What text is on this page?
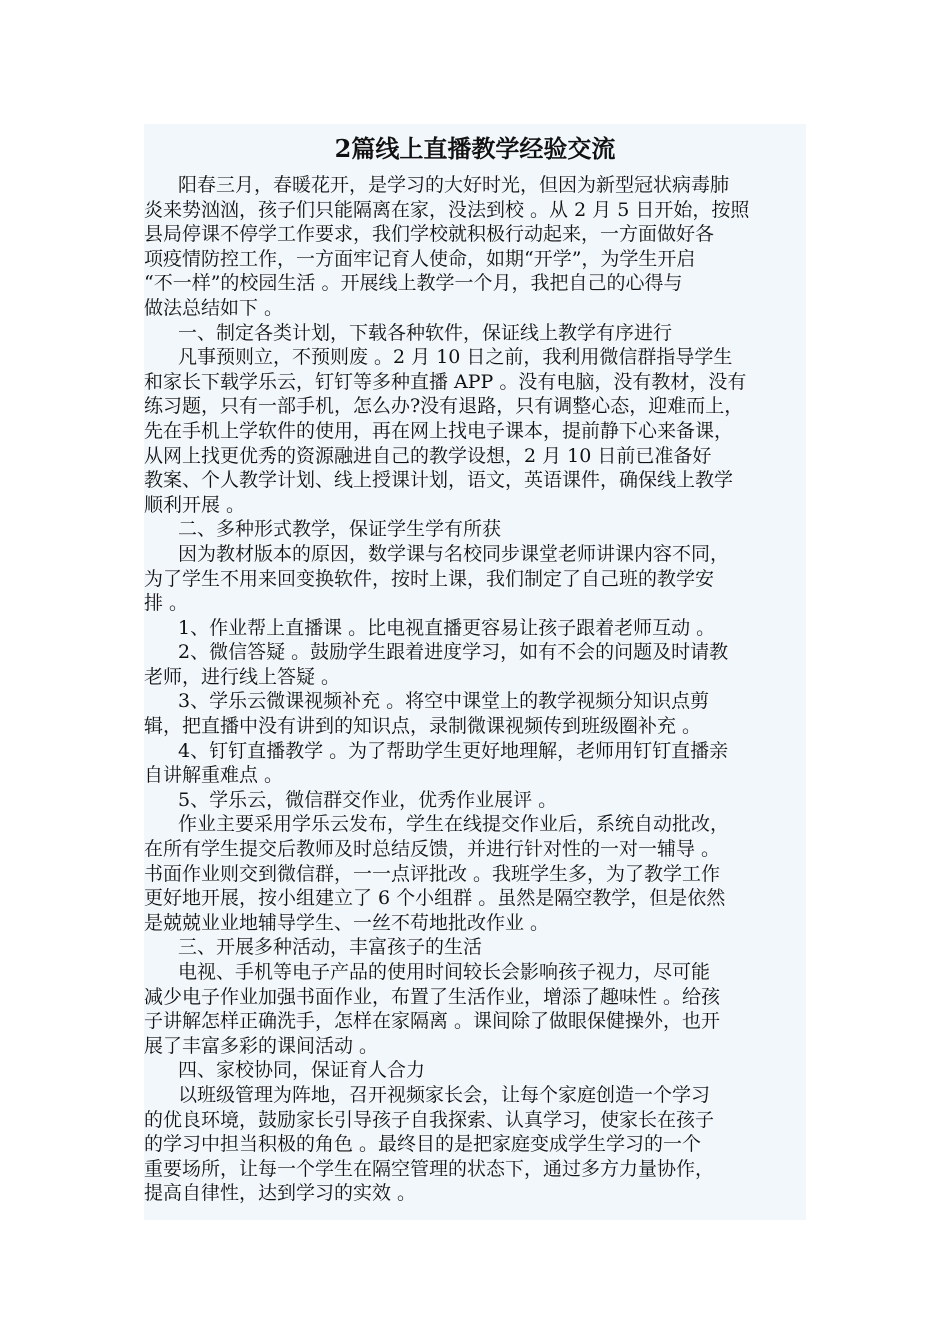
2篇线上直播教学经验交流
阳春三月，春暖花开，是学习的大好时光，但因为新型冠状病毒肺
炎来势汹汹，孩子们只能隔离在家，没法到校 。从 2 月 5 日开始，按照
县局停课不停学工作要求，我们学校就积极行动起来，一方面做好各
项疫情防控工作，一方面牢记育人使命，如期“开学”，为学生开启
“不一样”的校园生活 。开展线上教学一个月，我把自己的心得与
做法总结如下 。
一、制定各类计划，下载各种软件，保证线上教学有序进行
凡事预则立，不预则废 。2 月 10 日之前，我利用微信群指导学生
和家长下载学乐云，钉钉等多种直播 APP 。没有电脑，没有教材，没有
练习题，只有一部手机，怎么办?没有退路，只有调整心态，迎难而上，
先在手机上学软件的使用，再在网上找电子课本，提前静下心来备课，
从网上找更优秀的资源融进自己的教学设想，2 月 10 日前已准备好
教案、个人教学计划、线上授课计划，语文，英语课件，确保线上教学
顺利开展 。
二、多种形式教学，保证学生学有所获
因为教材版本的原因，数学课与名校同步课堂老师讲课内容不同，
为了学生不用来回变换软件，按时上课，我们制定了自己班的教学安
排 。
1、作业帮上直播课 。比电视直播更容易让孩子跟着老师互动 。
2、微信答疑 。鼓励学生跟着进度学习，如有不会的问题及时请教
老师，进行线上答疑 。
3、学乐云微课视频补充 。将空中课堂上的教学视频分知识点剪
辑，把直播中没有讲到的知识点，录制微课视频传到班级圈补充 。
4、钉钉直播教学 。为了帮助学生更好地理解，老师用钉钉直播亲
自讲解重难点 。
5、学乐云，微信群交作业，优秀作业展评 。
作业主要采用学乐云发布，学生在线提交作业后，系统自动批改，
在所有学生提交后教师及时总结反馈，并进行针对性的一对一辅导 。
书面作业则交到微信群，一一点评批改 。我班学生多，为了教学工作
更好地开展，按小组建立了 6 个小组群 。虽然是隔空教学，但是依然
是兢兢业业地辅导学生、一丝不苟地批改作业 。
三、开展多种活动，丰富孩子的生活
电视、手机等电子产品的使用时间较长会影响孩子视力，尽可能
减少电子作业加强书面作业，布置了生活作业，增添了趣味性 。给孩
子讲解怎样正确洗手，怎样在家隔离 。课间除了做眼保健操外，也开
展了丰富多彩的课间活动 。
四、家校协同，保证育人合力
以班级管理为阵地，召开视频家长会，让每个家庭创造一个学习
的优良环境，鼓励家长引导孩子自我探索、认真学习，使家长在孩子
的学习中担当积极的角色 。最终目的是把家庭变成学生学习的一个
重要场所，让每一个学生在隔空管理的状态下，通过多方力量协作，
提高自律性，达到学习的实效 。
